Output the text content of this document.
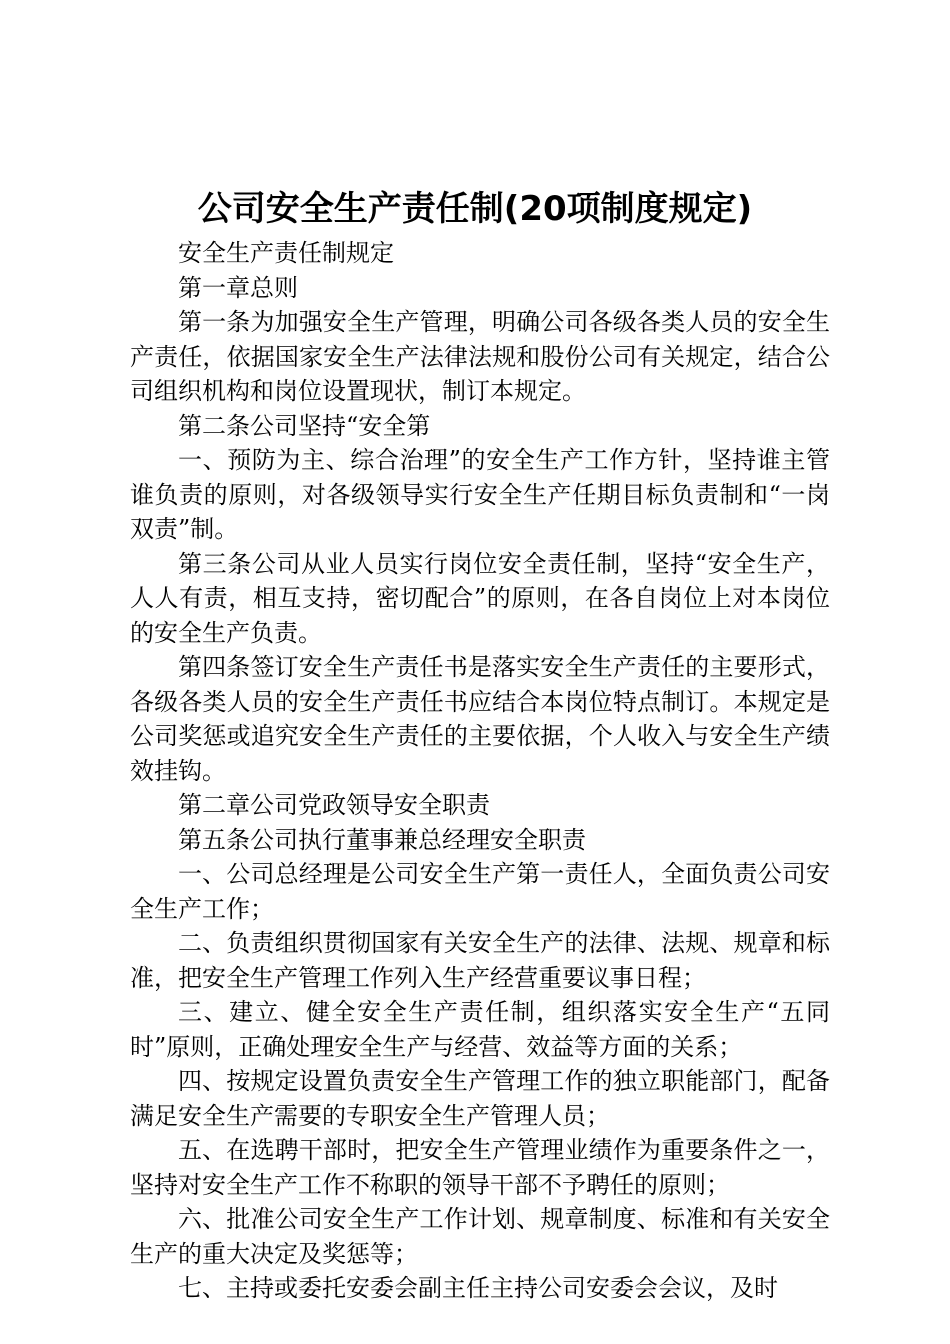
公司安全生产责任制(20项制度规定)

安全生产责任制规定

第一章总则

第一条为加强安全生产管理，明确公司各级各类人员的安全生产责任，依据国家安全生产法律法规和股份公司有关规定，结合公司组织机构和岗位设置现状，制订本规定。

第二条公司坚持“安全第

一、预防为主、综合治理”的安全生产工作方针，坚持谁主管谁负责的原则，对各级领导实行安全生产任期目标负责制和“一岗双责”制。

第三条公司从业人员实行岗位安全责任制，坚持“安全生产，人人有责，相互支持，密切配合”的原则，在各自岗位上对本岗位的安全生产负责。

第四条签订安全生产责任书是落实安全生产责任的主要形式，各级各类人员的安全生产责任书应结合本岗位特点制订。本规定是公司奖惩或追究安全生产责任的主要依据，个人收入与安全生产绩效挂钩。

第二章公司党政领导安全职责

第五条公司执行董事兼总经理安全职责

一、公司总经理是公司安全生产第一责任人，全面负责公司安全生产工作；

二、负责组织贯彻国家有关安全生产的法律、法规、规章和标准，把安全生产管理工作列入生产经营重要议事日程；

三、建立、健全安全生产责任制，组织落实安全生产“五同时”原则，正确处理安全生产与经营、效益等方面的关系；

四、按规定设置负责安全生产管理工作的独立职能部门，配备满足安全生产需要的专职安全生产管理人员；

五、在选聘干部时，把安全生产管理业绩作为重要条件之一，坚持对安全生产工作不称职的领导干部不予聘任的原则；

六、批准公司安全生产工作计划、规章制度、标准和有关安全生产的重大决定及奖惩等；

七、主持或委托安委会副主任主持公司安委会会议，及时
